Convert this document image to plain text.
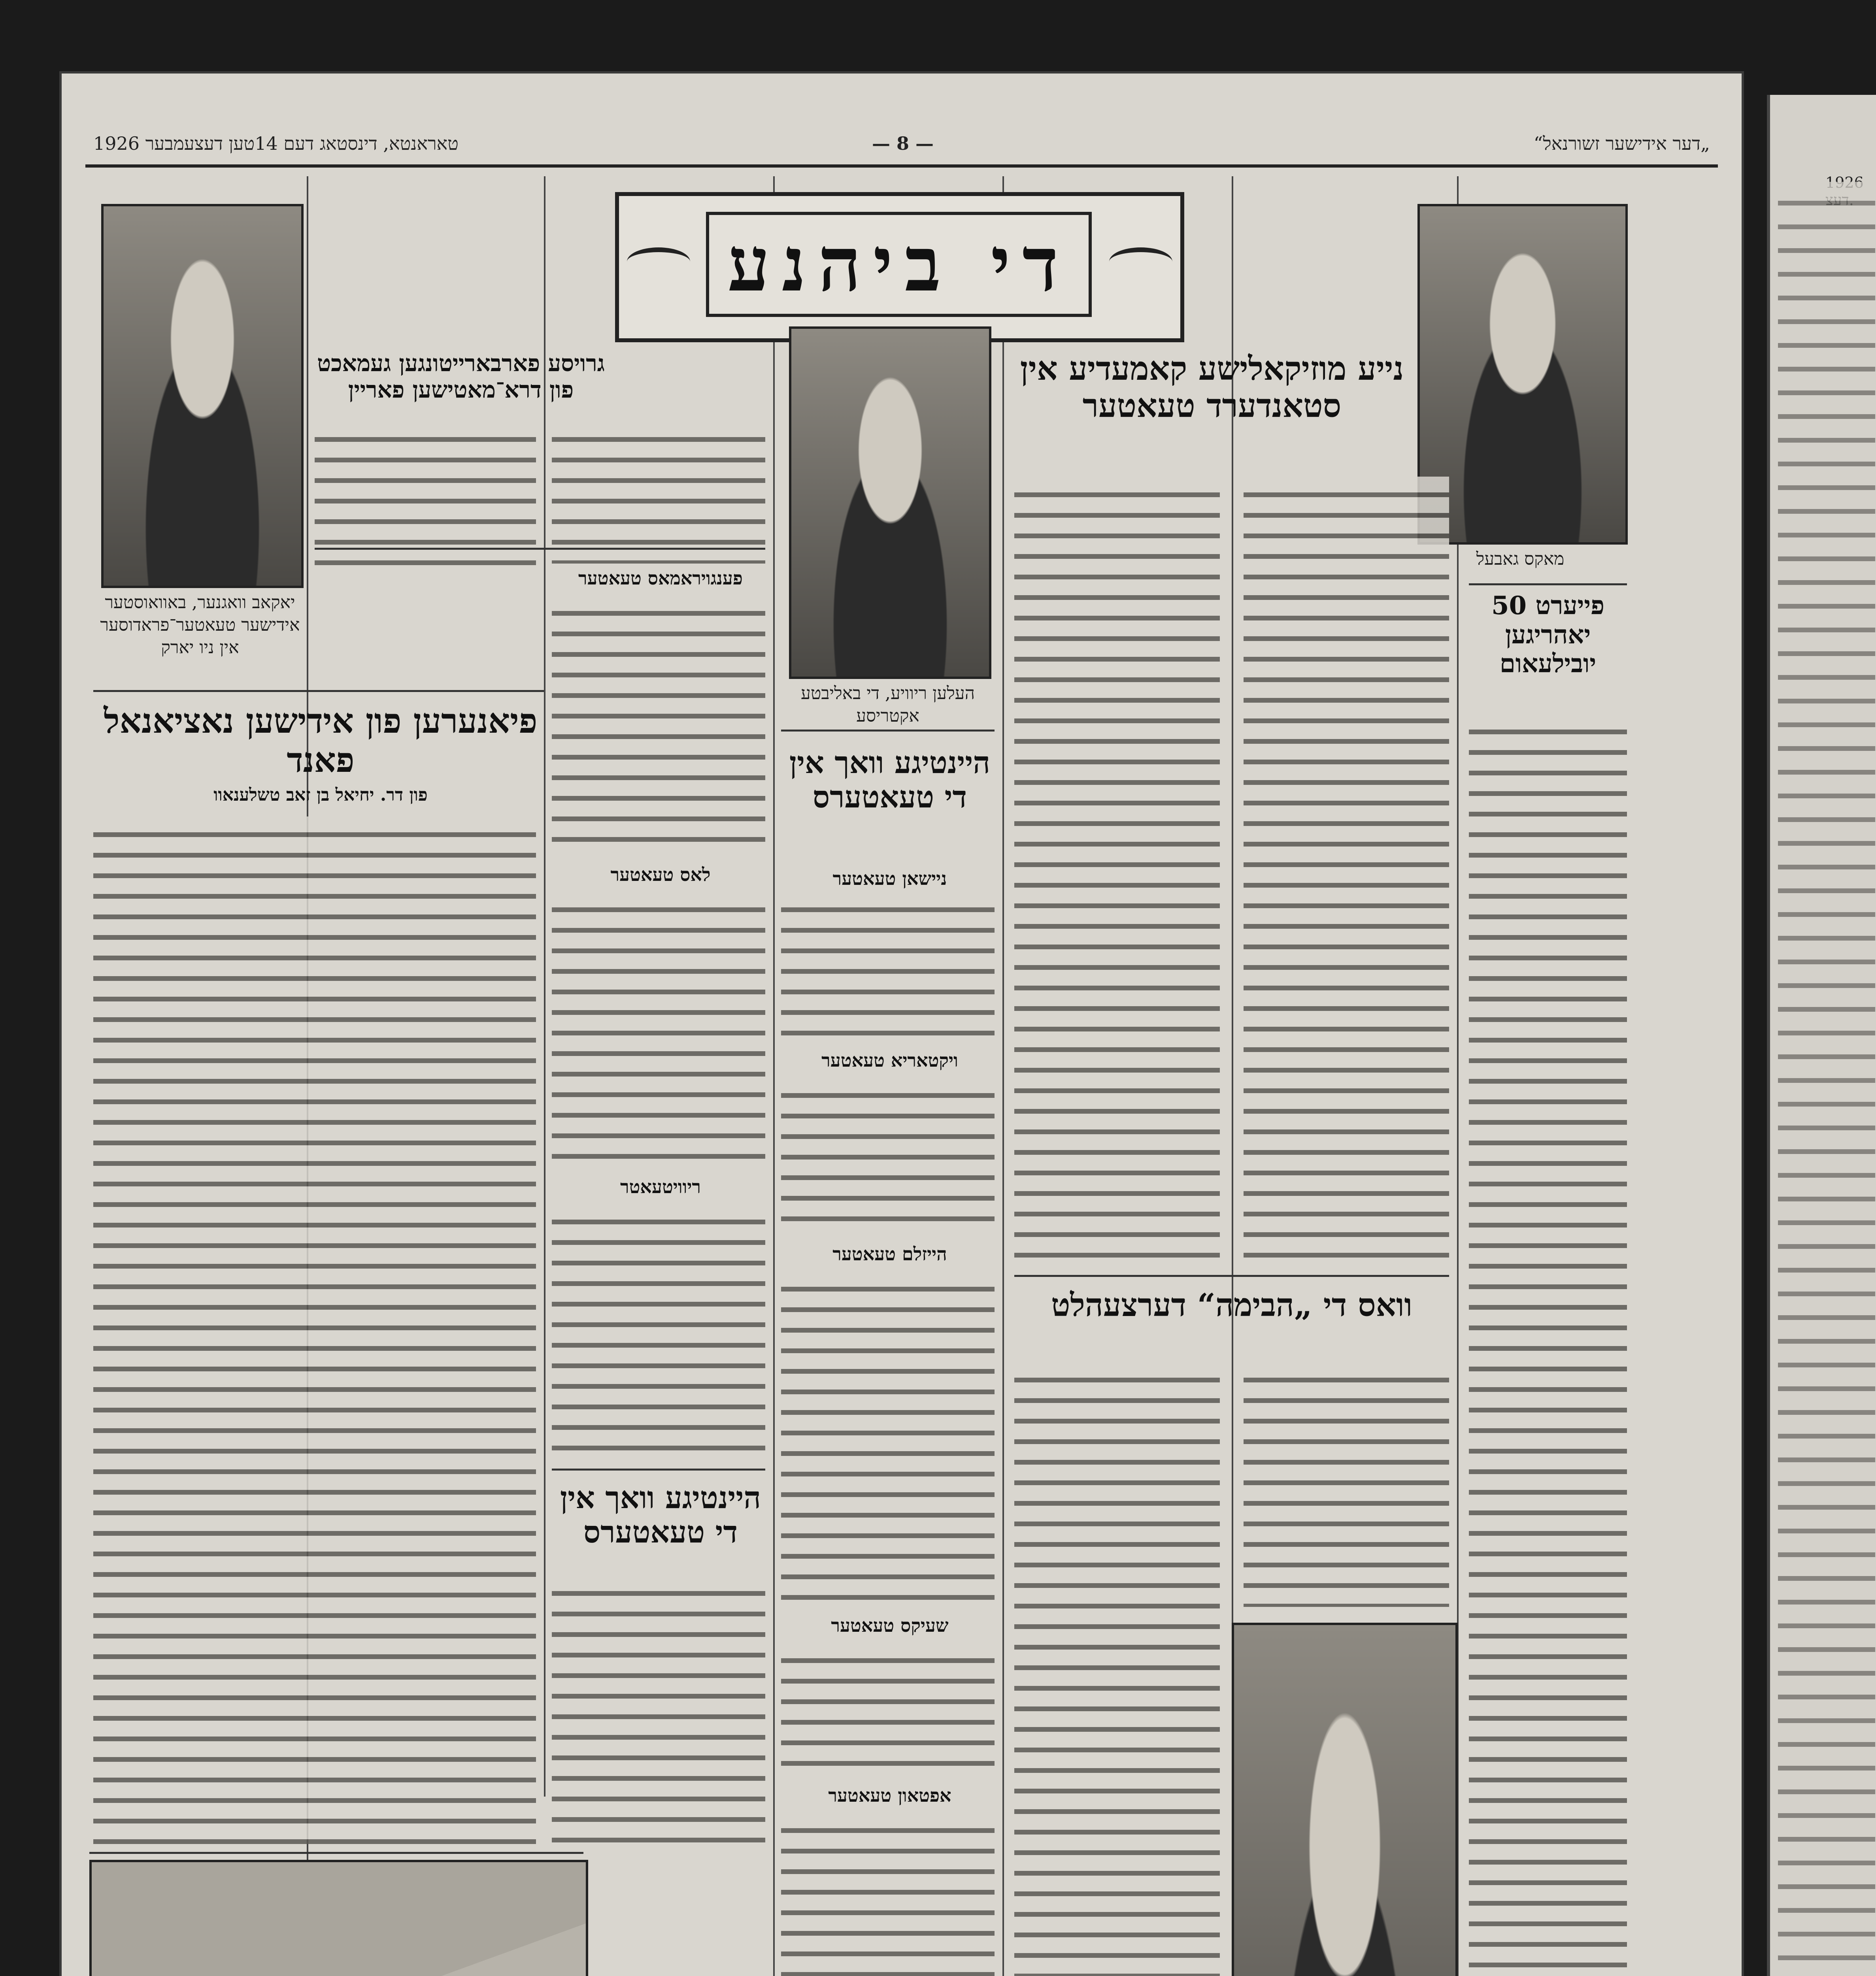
טאראנטא, דינסטאג דעם 14טען דעצעמבער 1926	— 8 —	„דער אידישער זשורנאל“
די ביהנע
יאקאב וואגנער, באוואוסטער אידישער טעאטער־פראדוסער אין ניו יארק
מאקס גאבעל
העלען ריוויע, די באליבטע אקטריסע
נייע מוזיקאלישע קאמעדיע אין סטאנדערד טעאטער
גרויסע פארבארייטונגען געמאכט פון דרא־מאטישען פאריין
פייערט 50 יאהריגען יובילעאום
פיאנערען פון אידישען נאציאנאל פאנד
פון דר. יחיאל בן זאב טשלענאוו
היינטיגע וואך אין די טעאטערס
היינטיגע וואך אין די טעאטערס
וואס די „הבימה“ דערצעהלט
פענגויראמאס טעאטער
לאס טעאטער
ריוויטעאטר
ניישאן טעאטער
הייזלם טעאטער
שעיקס טעאטער
ויקטאריא טעאטער
אפטאון טעאטער
